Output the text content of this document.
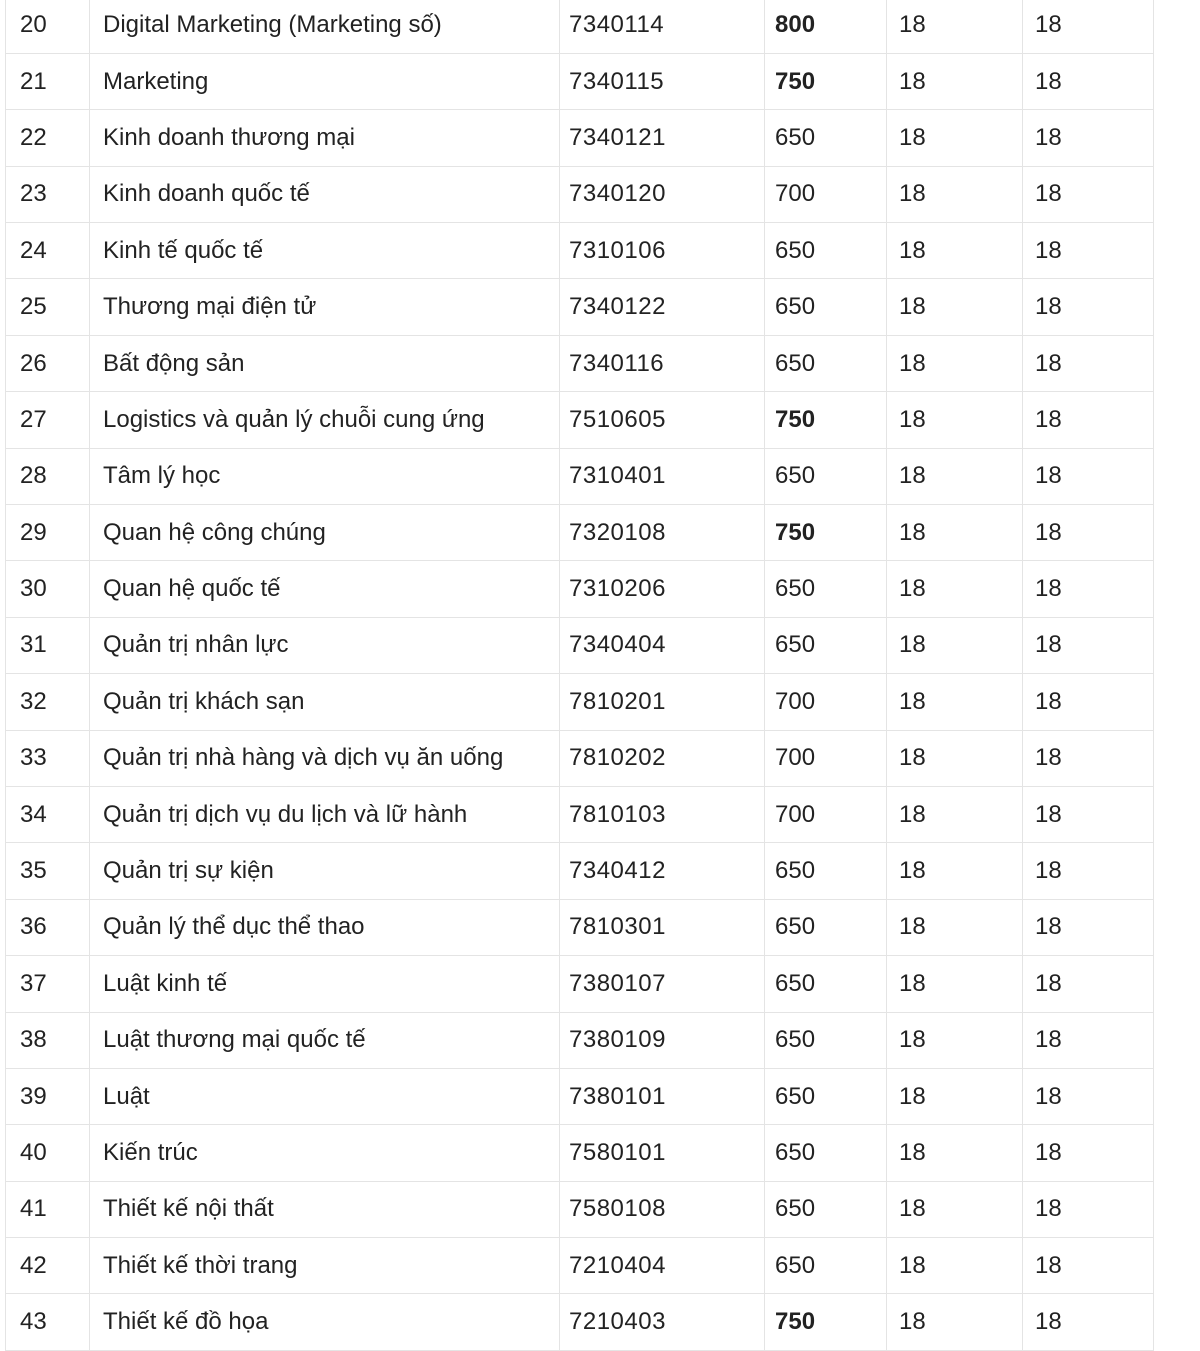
20	Digital Marketing (Marketing số)	7340114	800	18	18
21	Marketing	7340115	750	18	18
22	Kinh doanh thương mại	7340121	650	18	18
23	Kinh doanh quốc tế	7340120	700	18	18
24	Kinh tế quốc tế	7310106	650	18	18
25	Thương mại điện tử	7340122	650	18	18
26	Bất động sản	7340116	650	18	18
27	Logistics và quản lý chuỗi cung ứng	7510605	750	18	18
28	Tâm lý học	7310401	650	18	18
29	Quan hệ công chúng	7320108	750	18	18
30	Quan hệ quốc tế	7310206	650	18	18
31	Quản trị nhân lực	7340404	650	18	18
32	Quản trị khách sạn	7810201	700	18	18
33	Quản trị nhà hàng và dịch vụ ăn uống	7810202	700	18	18
34	Quản trị dịch vụ du lịch và lữ hành	7810103	700	18	18
35	Quản trị sự kiện	7340412	650	18	18
36	Quản lý thể dục thể thao	7810301	650	18	18
37	Luật kinh tế	7380107	650	18	18
38	Luật thương mại quốc tế	7380109	650	18	18
39	Luật	7380101	650	18	18
40	Kiến trúc	7580101	650	18	18
41	Thiết kế nội thất	7580108	650	18	18
42	Thiết kế thời trang	7210404	650	18	18
43	Thiết kế đồ họa	7210403	750	18	18
